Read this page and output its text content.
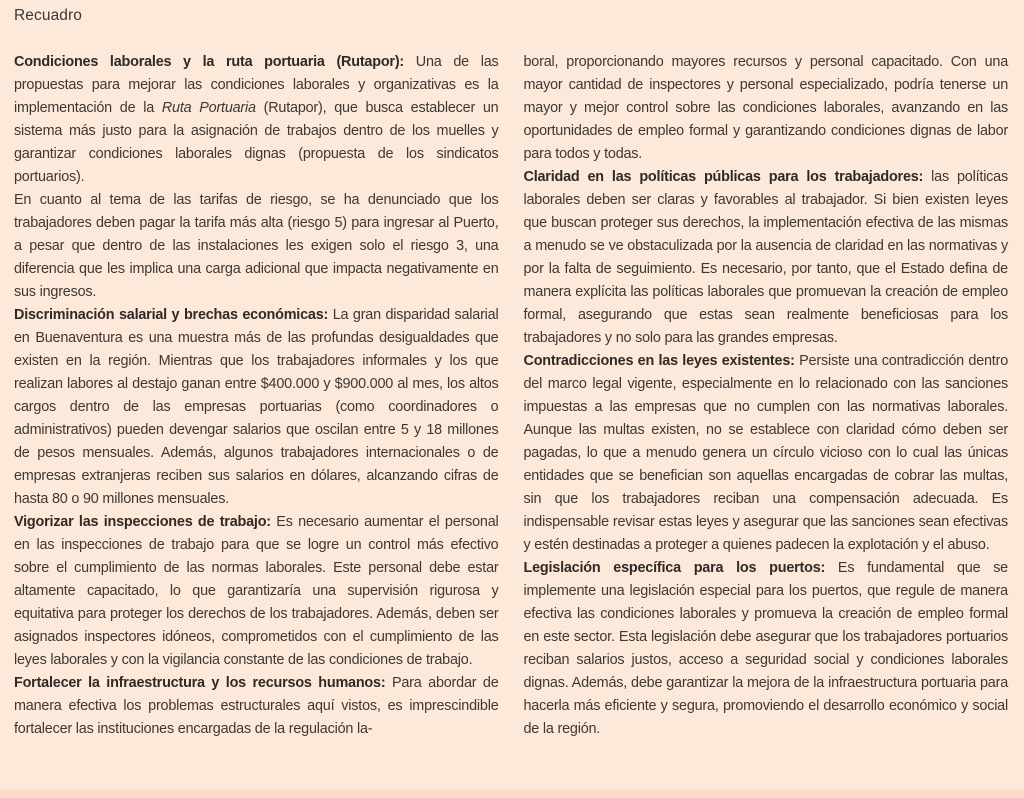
Recuadro

Condiciones laborales y la ruta portuaria (Rutapor): Una de las propuestas para mejorar las condiciones laborales y organizativas es la implementación de la Ruta Portuaria (Rutapor), que busca establecer un sistema más justo para la asignación de trabajos dentro de los muelles y garantizar condiciones laborales dignas (propuesta de los sindicatos portuarios).

En cuanto al tema de las tarifas de riesgo, se ha denunciado que los trabajadores deben pagar la tarifa más alta (riesgo 5) para ingresar al Puerto, a pesar que dentro de las instalaciones les exigen solo el riesgo 3, una diferencia que les implica una carga adicional que impacta negativamente en sus ingresos.

Discriminación salarial y brechas económicas: La gran disparidad salarial en Buenaventura es una muestra más de las profundas desigualdades que existen en la región. Mientras que los trabajadores informales y los que realizan labores al destajo ganan entre $400.000 y $900.000 al mes, los altos cargos dentro de las empresas portuarias (como coordinadores o administrativos) pueden devengar salarios que oscilan entre 5 y 18 millones de pesos mensuales. Además, algunos trabajadores internacionales o de empresas extranjeras reciben sus salarios en dólares, alcanzando cifras de hasta 80 o 90 millones mensuales.

Vigorizar las inspecciones de trabajo: Es necesario aumentar el personal en las inspecciones de trabajo para que se logre un control más efectivo sobre el cumplimiento de las normas laborales. Este personal debe estar altamente capacitado, lo que garantizaría una supervisión rigurosa y equitativa para proteger los derechos de los trabajadores. Además, deben ser asignados inspectores idóneos, comprometidos con el cumplimiento de las leyes laborales y con la vigilancia constante de las condiciones de trabajo.

Fortalecer la infraestructura y los recursos humanos: Para abordar de manera efectiva los problemas estructurales aquí vistos, es imprescindible fortalecer las instituciones encargadas de la regulación la-

boral, proporcionando mayores recursos y personal capacitado. Con una mayor cantidad de inspectores y personal especializado, podría tenerse un mayor y mejor control sobre las condiciones laborales, avanzando en las oportunidades de empleo formal y garantizando condiciones dignas de labor para todos y todas.

Claridad en las políticas públicas para los trabajadores: las políticas laborales deben ser claras y favorables al trabajador. Si bien existen leyes que buscan proteger sus derechos, la implementación efectiva de las mismas a menudo se ve obstaculizada por la ausencia de claridad en las normativas y por la falta de seguimiento. Es necesario, por tanto, que el Estado defina de manera explícita las políticas laborales que promuevan la creación de empleo formal, asegurando que estas sean realmente beneficiosas para los trabajadores y no solo para las grandes empresas.

Contradicciones en las leyes existentes: Persiste una contradicción dentro del marco legal vigente, especialmente en lo relacionado con las sanciones impuestas a las empresas que no cumplen con las normativas laborales. Aunque las multas existen, no se establece con claridad cómo deben ser pagadas, lo que a menudo genera un círculo vicioso con lo cual las únicas entidades que se benefician son aquellas encargadas de cobrar las multas, sin que los trabajadores reciban una compensación adecuada. Es indispensable revisar estas leyes y asegurar que las sanciones sean efectivas y estén destinadas a proteger a quienes padecen la explotación y el abuso.

Legislación específica para los puertos: Es fundamental que se implemente una legislación especial para los puertos, que regule de manera efectiva las condiciones laborales y promueva la creación de empleo formal en este sector. Esta legislación debe asegurar que los trabajadores portuarios reciban salarios justos, acceso a seguridad social y condiciones laborales dignas. Además, debe garantizar la mejora de la infraestructura portuaria para hacerla más eficiente y segura, promoviendo el desarrollo económico y social de la región.
